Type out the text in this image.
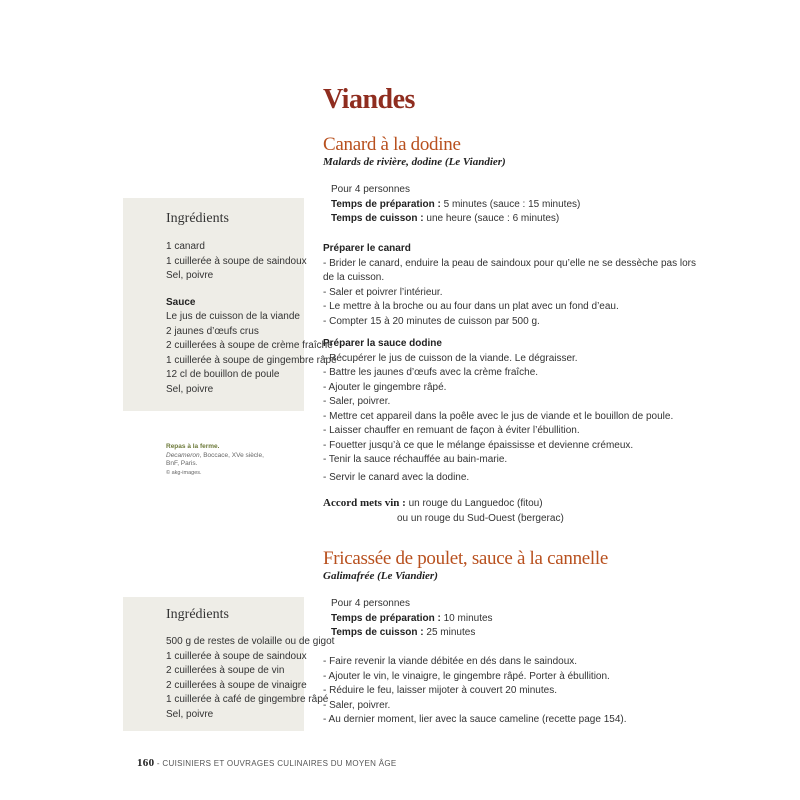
Viandes
Canard à la dodine
Malards de rivière, dodine (Le Viandier)
Pour 4 personnes
Temps de préparation : 5 minutes (sauce : 15 minutes)
Temps de cuisson : une heure (sauce : 6 minutes)
Préparer le canard
- Brider le canard, enduire la peau de saindoux pour qu’elle ne se dessèche pas lors
de la cuisson.
- Saler et poivrer l’intérieur.
- Le mettre à la broche ou au four dans un plat avec un fond d’eau.
- Compter 15 à 20 minutes de cuisson par 500 g.
Préparer la sauce dodine
- Récupérer le jus de cuisson de la viande. Le dégraisser.
- Battre les jaunes d’œufs avec la crème fraîche.
- Ajouter le gingembre râpé.
- Saler, poivrer.
- Mettre cet appareil dans la poêle avec le jus de viande et le bouillon de poule.
- Laisser chauffer en remuant de façon à éviter l’ébullition.
- Fouetter jusqu’à ce que le mélange épaississe et devienne crémeux.
- Tenir la sauce réchauffée au bain-marie.
- Servir le canard avec la dodine.
Accord mets vin : un rouge du Languedoc (fitou)
ou un rouge du Sud-Ouest (bergerac)
Ingrédients
1 canard
1 cuillerée à soupe de saindoux
Sel, poivre
Sauce
Le jus de cuisson de la viande
2 jaunes d’œufs crus
2 cuillerées à soupe de crème fraîche
1 cuillerée à soupe de gingembre râpé
12 cl de bouillon de poule
Sel, poivre
Repas à la ferme.
Decameron, Boccace, XVe siècle,
BnF, Paris.
© akg-images.
Fricassée de poulet, sauce à la cannelle
Galimafrée (Le Viandier)
Pour 4 personnes
Temps de préparation : 10 minutes
Temps de cuisson : 25 minutes
- Faire revenir la viande débitée en dés dans le saindoux.
- Ajouter le vin, le vinaigre, le gingembre râpé. Porter à ébullition.
- Réduire le feu, laisser mijoter à couvert 20 minutes.
- Saler, poivrer.
- Au dernier moment, lier avec la sauce cameline (recette page 154).
Ingrédients
500 g de restes de volaille ou de gigot
1 cuillerée à soupe de saindoux
2 cuillerées à soupe de vin
2 cuillerées à soupe de vinaigre
1 cuillerée à café de gingembre râpé
Sel, poivre
160 - CUISINIERS ET OUVRAGES CULINAIRES DU MOYEN ÂGE
